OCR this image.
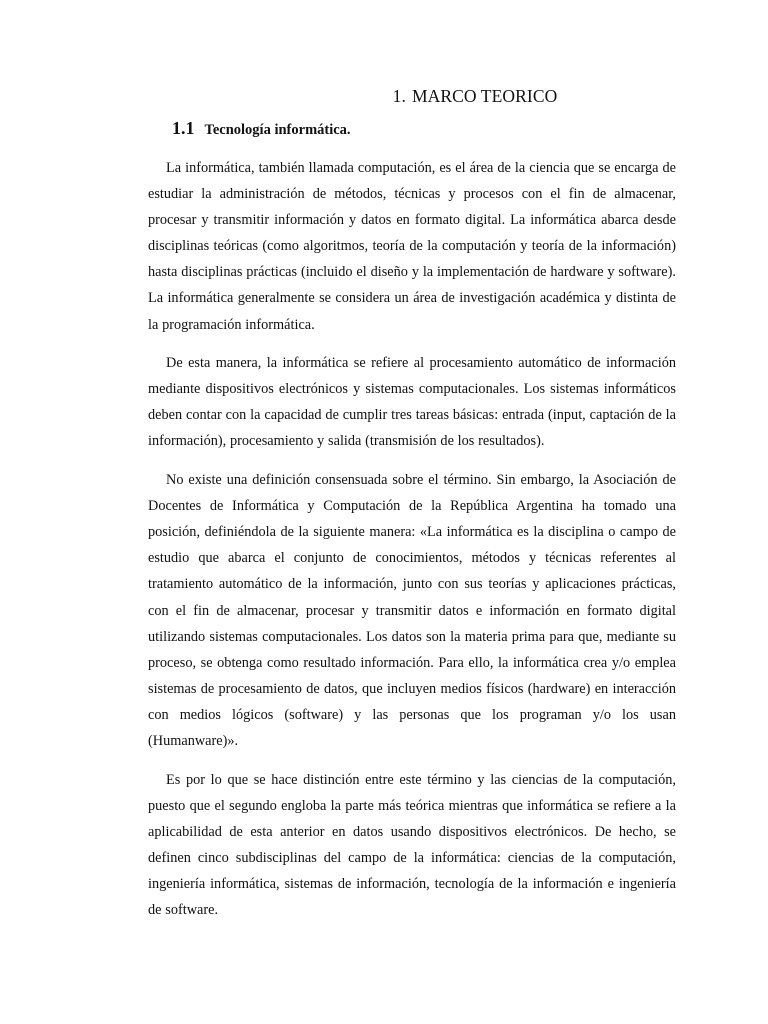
1. MARCO TEORICO
1.1 Tecnología informática.

La informática, también llamada computación, es el área de la ciencia que se encarga de estudiar la administración de métodos, técnicas y procesos con el fin de almacenar, procesar y transmitir información y datos en formato digital. La informática abarca desde disciplinas teóricas (como algoritmos, teoría de la computación y teoría de la información) hasta disciplinas prácticas (incluido el diseño y la implementación de hardware y software). La informática generalmente se considera un área de investigación académica y distinta de la programación informática.

De esta manera, la informática se refiere al procesamiento automático de información mediante dispositivos electrónicos y sistemas computacionales. Los sistemas informáticos deben contar con la capacidad de cumplir tres tareas básicas: entrada (input, captación de la información), procesamiento y salida (transmisión de los resultados).

No existe una definición consensuada sobre el término. Sin embargo, la Asociación de Docentes de Informática y Computación de la República Argentina ha tomado una posición, definiéndola de la siguiente manera: «La informática es la disciplina o campo de estudio que abarca el conjunto de conocimientos, métodos y técnicas referentes al tratamiento automático de la información, junto con sus teorías y aplicaciones prácticas, con el fin de almacenar, procesar y transmitir datos e información en formato digital utilizando sistemas computacionales. Los datos son la materia prima para que, mediante su proceso, se obtenga como resultado información. Para ello, la informática crea y/o emplea sistemas de procesamiento de datos, que incluyen medios físicos (hardware) en interacción con medios lógicos (software) y las personas que los programan y/o los usan (Humanware)».

Es por lo que se hace distinción entre este término y las ciencias de la computación, puesto que el segundo engloba la parte más teórica mientras que informática se refiere a la aplicabilidad de esta anterior en datos usando dispositivos electrónicos. De hecho, se definen cinco subdisciplinas del campo de la informática: ciencias de la computación, ingeniería informática, sistemas de información, tecnología de la información e ingeniería de software.
